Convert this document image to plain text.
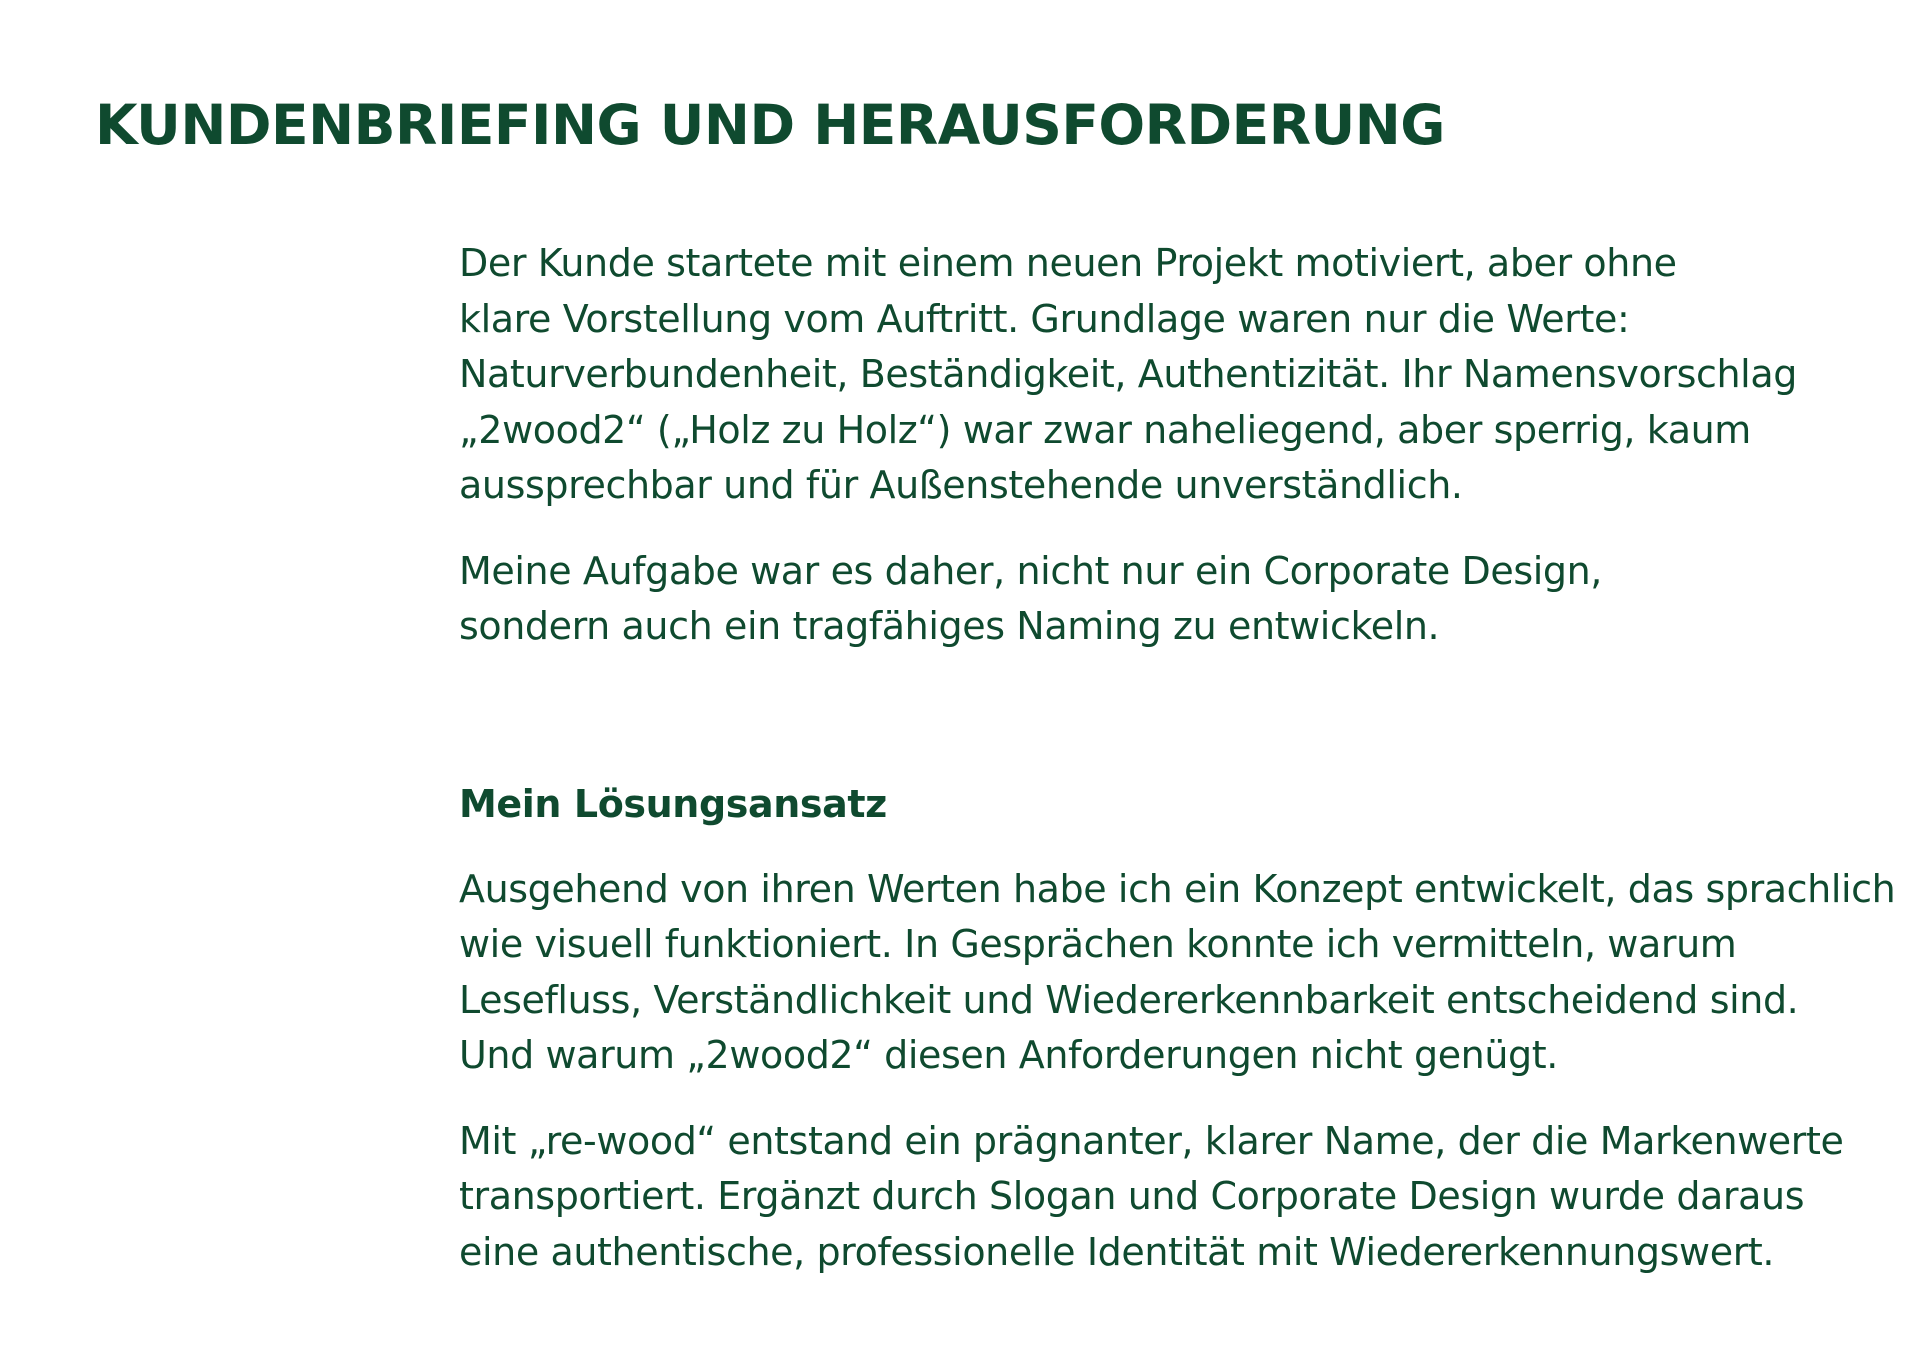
KUNDENBRIEFING UND HERAUSFORDERUNG

Der Kunde startete mit einem neuen Projekt motiviert, aber ohne
klare Vorstellung vom Auftritt. Grundlage waren nur die Werte:
Naturverbundenheit, Beständigkeit, Authentizität. Ihr Namensvorschlag
„2wood2“ („Holz zu Holz“) war zwar naheliegend, aber sperrig, kaum
aussprechbar und für Außenstehende unverständlich.

Meine Aufgabe war es daher, nicht nur ein Corporate Design,
sondern auch ein tragfähiges Naming zu entwickeln.

Mein Lösungsansatz

Ausgehend von ihren Werten habe ich ein Konzept entwickelt, das sprachlich
wie visuell funktioniert. In Gesprächen konnte ich vermitteln, warum
Lesefluss, Verständlichkeit und Wiedererkennbarkeit entscheidend sind.
Und warum „2wood2“ diesen Anforderungen nicht genügt.

Mit „re-wood“ entstand ein prägnanter, klarer Name, der die Markenwerte
transportiert. Ergänzt durch Slogan und Corporate Design wurde daraus
eine authentische, professionelle Identität mit Wiedererkennungswert.
